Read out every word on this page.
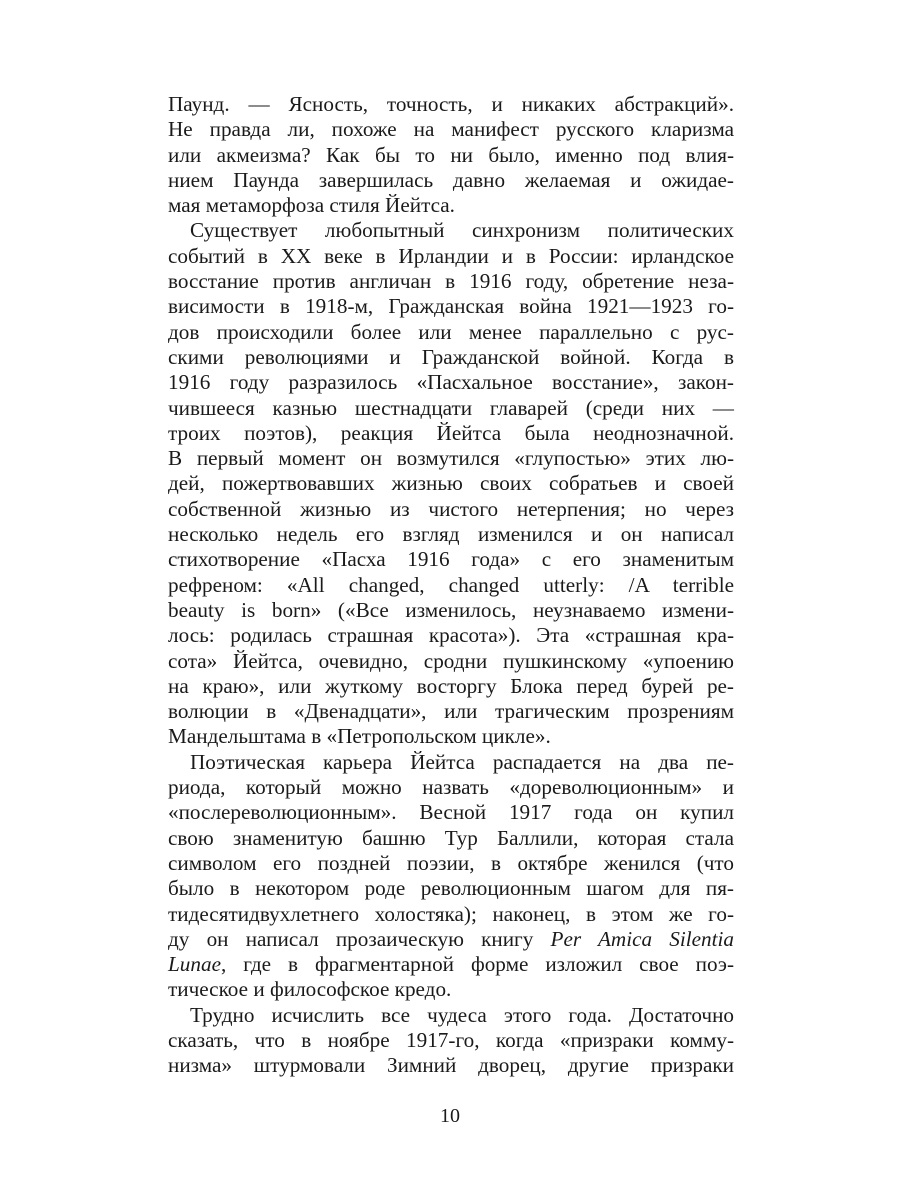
Паунд. — Ясность, точность, и никаких абстракций».
Не правда ли, похоже на манифест русского кларизма
или акмеизма? Как бы то ни было, именно под влия-
нием Паунда завершилась давно желаемая и ожидае-
мая метаморфоза стиля Йейтса.
Существует любопытный синхронизм политических
событий в XX веке в Ирландии и в России: ирландское
восстание против англичан в 1916 году, обретение неза-
висимости в 1918-м, Гражданская война 1921—1923 го-
дов происходили более или менее параллельно с рус-
скими революциями и Гражданской войной. Когда в
1916 году разразилось «Пасхальное восстание», закон-
чившееся казнью шестнадцати главарей (среди них —
троих поэтов), реакция Йейтса была неоднозначной.
В первый момент он возмутился «глупостью» этих лю-
дей, пожертвовавших жизнью своих собратьев и своей
собственной жизнью из чистого нетерпения; но через
несколько недель его взгляд изменился и он написал
стихотворение «Пасха 1916 года» с его знаменитым
рефреном: «All changed, changed utterly: /A terrible
beauty is born» («Все изменилось, неузнаваемо измени-
лось: родилась страшная красота»). Эта «страшная кра-
сота» Йейтса, очевидно, сродни пушкинскому «упоению
на краю», или жуткому восторгу Блока перед бурей ре-
волюции в «Двенадцати», или трагическим прозрениям
Мандельштама в «Петропольском цикле».
Поэтическая карьера Йейтса распадается на два пе-
риода, который можно назвать «дореволюционным» и
«послереволюционным». Весной 1917 года он купил
свою знаменитую башню Тур Баллили, которая стала
символом его поздней поэзии, в октябре женился (что
было в некотором роде революционным шагом для пя-
тидесятидвухлетнего холостяка); наконец, в этом же го-
ду он написал прозаическую книгу Per Amica Silentia
Lunae, где в фрагментарной форме изложил свое поэ-
тическое и философское кредо.
Трудно исчислить все чудеса этого года. Достаточно
сказать, что в ноябре 1917-го, когда «призраки комму-
низма» штурмовали Зимний дворец, другие призраки
10
